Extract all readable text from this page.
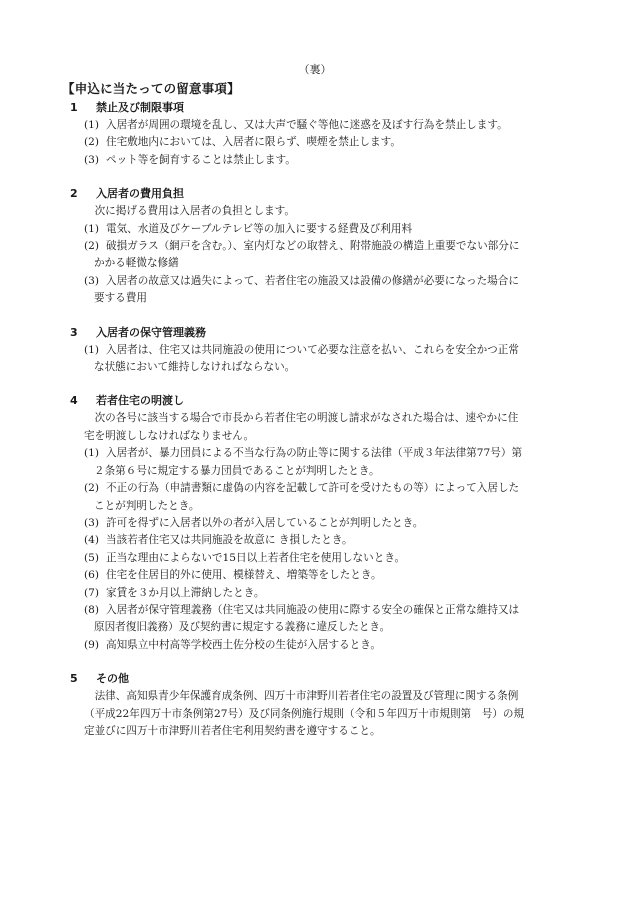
（裏）
【申込に当たっての留意事項】
1 禁止及び制限事項
(1) 入居者が周囲の環境を乱し、又は大声で騒ぐ等他に迷惑を及ぼす行為を禁止します。
(2) 住宅敷地内においては、入居者に限らず、喫煙を禁止します。
(3) ペット等を飼育することは禁止します。
2 入居者の費用負担
次に掲げる費用は入居者の負担とします。
(1) 電気、水道及びケーブルテレビ等の加入に要する経費及び利用料
(2) 破損ガラス（網戸を含む。）、室内灯などの取替え、附帯施設の構造上重要でない部分に
かかる軽微な修繕
(3) 入居者の故意又は過失によって、若者住宅の施設又は設備の修繕が必要になった場合に
要する費用
3 入居者の保守管理義務
(1) 入居者は、住宅又は共同施設の使用について必要な注意を払い、これらを安全かつ正常
な状態において維持しなければならない。
4 若者住宅の明渡し
次の各号に該当する場合で市長から若者住宅の明渡し請求がなされた場合は、速やかに住
宅を明渡ししなければなりません。
(1) 入居者が、暴力団員による不当な行為の防止等に関する法律（平成３年法律第77号）第
２条第６号に規定する暴力団員であることが判明したとき。
(2) 不正の行為（申請書類に虚偽の内容を記載して許可を受けたもの等）によって入居した
ことが判明したとき。
(3) 許可を得ずに入居者以外の者が入居していることが判明したとき。
(4) 当該若者住宅又は共同施設を故意に き損したとき。
(5) 正当な理由によらないで15日以上若者住宅を使用しないとき。
(6) 住宅を住居目的外に使用、模様替え、増築等をしたとき。
(7) 家賃を３か月以上滞納したとき。
(8) 入居者が保守管理義務（住宅又は共同施設の使用に際する安全の確保と正常な維持又は
原因者復旧義務）及び契約書に規定する義務に違反したとき。
(9) 高知県立中村高等学校西土佐分校の生徒が入居するとき。
5 その他
法律、高知県青少年保護育成条例、四万十市津野川若者住宅の設置及び管理に関する条例
（平成22年四万十市条例第27号）及び同条例施行規則（令和５年四万十市規則第　号）の規
定並びに四万十市津野川若者住宅利用契約書を遵守すること。
